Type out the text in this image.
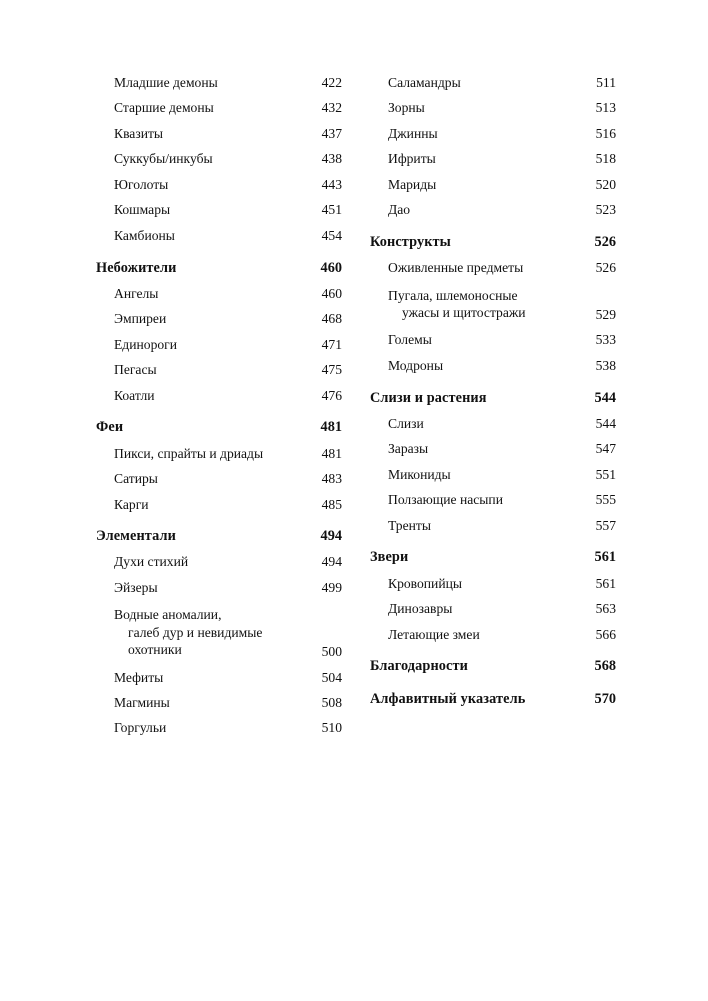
Младшие демоны	422
Старшие демоны	432
Квазиты	437
Суккубы/инкубы	438
Юголоты	443
Кошмары	451
Камбионы	454
Небожители	460
Ангелы	460
Эмпиреи	468
Единороги	471
Пегасы	475
Коатли	476
Феи	481
Пикси, спрайты и дриады	481
Сатиры	483
Карги	485
Элементали	494
Духи стихий	494
Эйзеры	499
Водные аномалии,
галеб дур и невидимые охотники	500
Мефиты	504
Магмины	508
Горгульи	510
Саламандры	511
Зорны	513
Джинны	516
Ифриты	518
Мариды	520
Дао	523
Конструкты	526
Оживленные предметы	526
Пугала, шлемоносные
ужасы и щитостражи	529
Големы	533
Модроны	538
Слизи и растения	544
Слизи	544
Заразы	547
Микониды	551
Ползающие насыпи	555
Тренты	557
Звери	561
Кровопийцы	561
Динозавры	563
Летающие змеи	566
Благодарности	568
Алфавитный указатель	570
